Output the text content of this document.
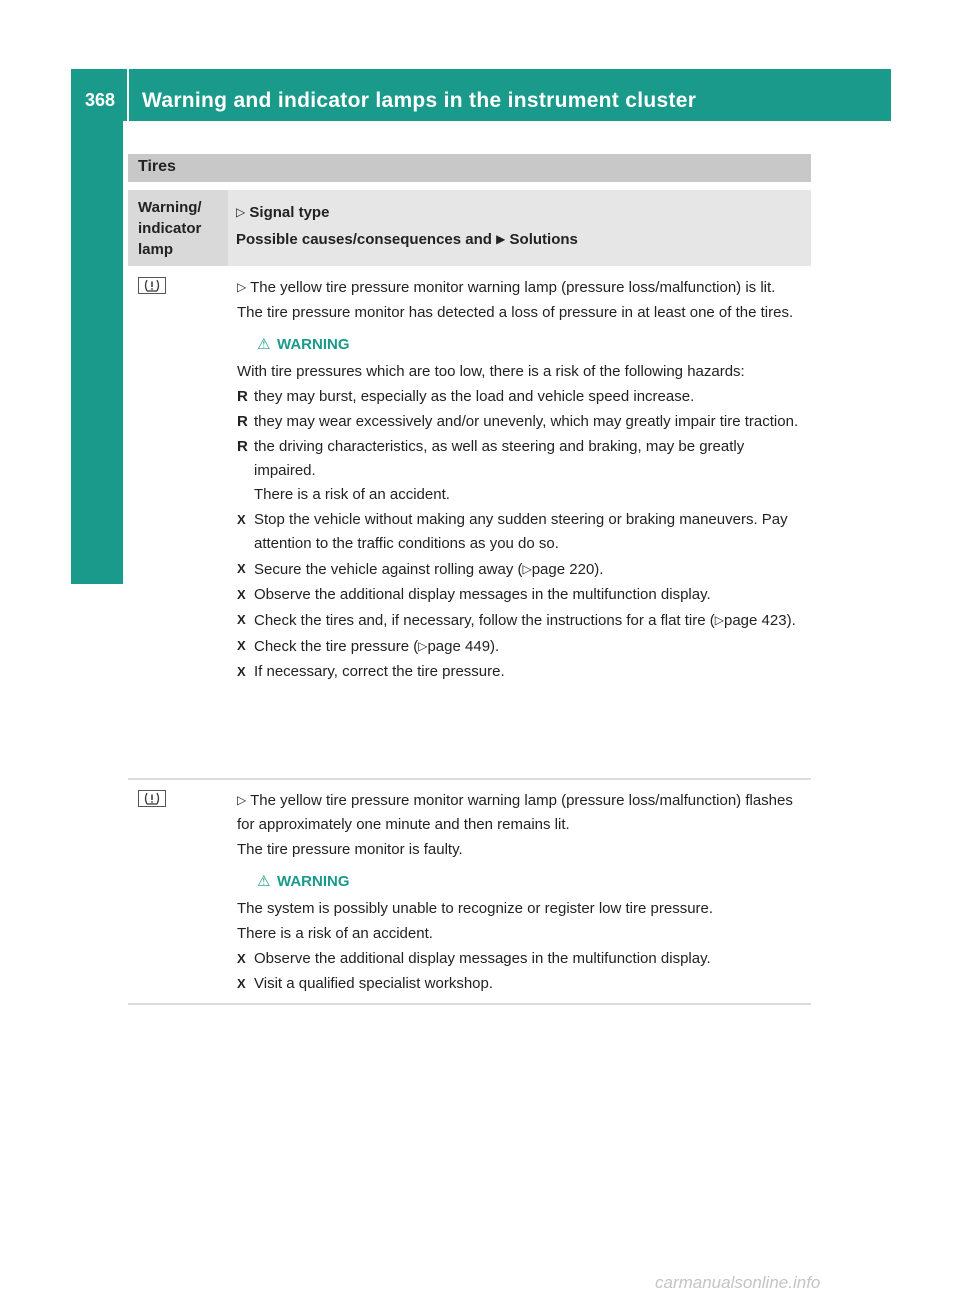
368 Warning and indicator lamps in the instrument cluster
On-board computer and displays
Tires
Warning/
indicator
lamp
▷ Signal type
Possible causes/consequences and ▶ Solutions

▷ The yellow tire pressure monitor warning lamp (pressure loss/malfunction) is lit.

The tire pressure monitor has detected a loss of pressure in at least one of the tires.

⚠ WARNING

With tire pressures which are too low, there is a risk of the following hazards:

R they may burst, especially as the load and vehicle speed increase.
R they may wear excessively and/or unevenly, which may greatly impair tire traction.
R the driving characteristics, as well as steering and braking, may be greatly impaired.
There is a risk of an accident.
X Stop the vehicle without making any sudden steering or braking maneuvers. Pay attention to the traffic conditions as you do so.
X Secure the vehicle against rolling away (▷page 220).
X Observe the additional display messages in the multifunction display.
X Check the tires and, if necessary, follow the instructions for a flat tire (▷page 423).
X Check the tire pressure (▷page 449).
X If necessary, correct the tire pressure.

▷ The yellow tire pressure monitor warning lamp (pressure loss/malfunction) flashes for approximately one minute and then remains lit.

The tire pressure monitor is faulty.

⚠ WARNING

The system is possibly unable to recognize or register low tire pressure.

There is a risk of an accident.

X Observe the additional display messages in the multifunction display.
X Visit a qualified specialist workshop.
carmanualsonline.info
